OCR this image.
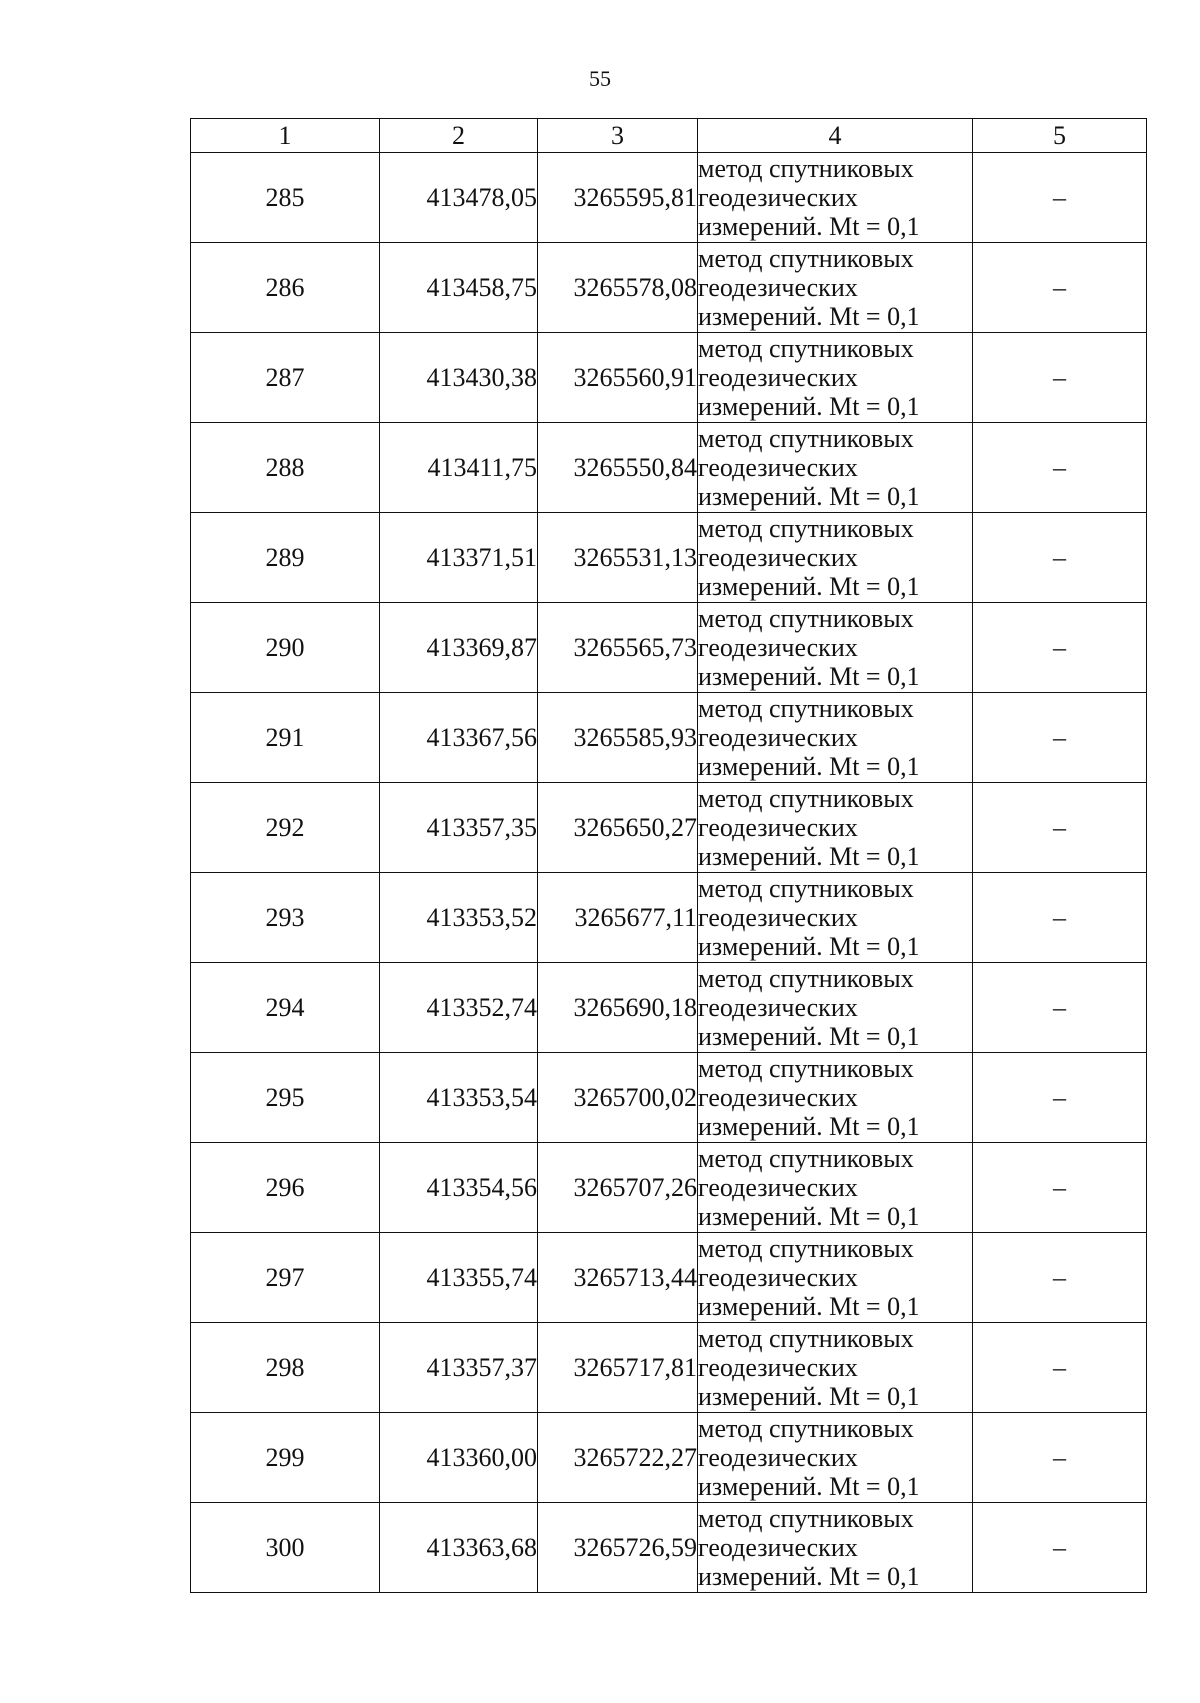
55
1	2	3	4	5
285	413478,05	3265595,81	метод спутниковых
геодезических
измерений. Mt = 0,1	–
286	413458,75	3265578,08	метод спутниковых
геодезических
измерений. Mt = 0,1	–
287	413430,38	3265560,91	метод спутниковых
геодезических
измерений. Mt = 0,1	–
288	413411,75	3265550,84	метод спутниковых
геодезических
измерений. Mt = 0,1	–
289	413371,51	3265531,13	метод спутниковых
геодезических
измерений. Mt = 0,1	–
290	413369,87	3265565,73	метод спутниковых
геодезических
измерений. Mt = 0,1	–
291	413367,56	3265585,93	метод спутниковых
геодезических
измерений. Mt = 0,1	–
292	413357,35	3265650,27	метод спутниковых
геодезических
измерений. Mt = 0,1	–
293	413353,52	3265677,11	метод спутниковых
геодезических
измерений. Mt = 0,1	–
294	413352,74	3265690,18	метод спутниковых
геодезических
измерений. Mt = 0,1	–
295	413353,54	3265700,02	метод спутниковых
геодезических
измерений. Mt = 0,1	–
296	413354,56	3265707,26	метод спутниковых
геодезических
измерений. Mt = 0,1	–
297	413355,74	3265713,44	метод спутниковых
геодезических
измерений. Mt = 0,1	–
298	413357,37	3265717,81	метод спутниковых
геодезических
измерений. Mt = 0,1	–
299	413360,00	3265722,27	метод спутниковых
геодезических
измерений. Mt = 0,1	–
300	413363,68	3265726,59	метод спутниковых
геодезических
измерений. Mt = 0,1	–
